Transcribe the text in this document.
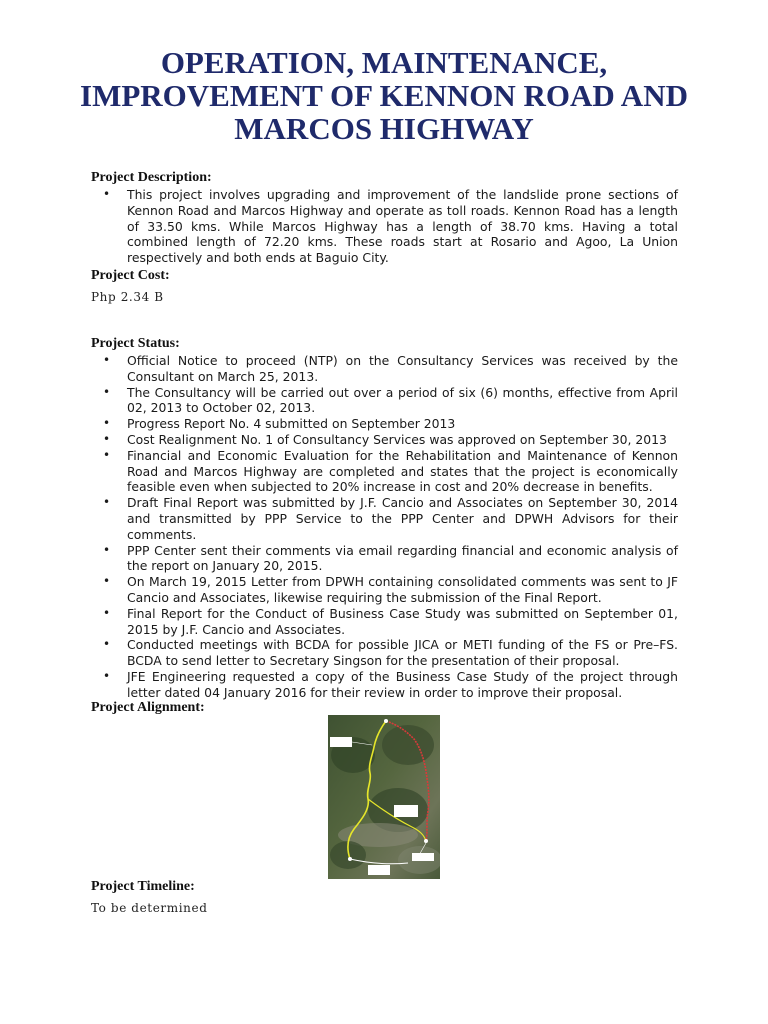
OPERATION, MAINTENANCE, IMPROVEMENT OF KENNON ROAD AND MARCOS HIGHWAY

Project Description:

• This project involves upgrading and improvement of the landslide prone sections of Kennon Road and Marcos Highway and operate as toll roads. Kennon Road has a length of 33.50 kms. While Marcos Highway has a length of 38.70 kms. Having a total combined length of 72.20 kms. These roads start at Rosario and Agoo, La Union respectively and both ends at Baguio City.

Project Cost:

Php 2.34 B

Project Status:

• Official Notice to proceed (NTP) on the Consultancy Services was received by the Consultant on March 25, 2013.
• The Consultancy will be carried out over a period of six (6) months, effective from April 02, 2013 to October 02, 2013.
• Progress Report No. 4 submitted on September 2013
• Cost Realignment No. 1 of Consultancy Services was approved on September 30, 2013
• Financial and Economic Evaluation for the Rehabilitation and Maintenance of Kennon Road and Marcos Highway are completed and states that the project is economically feasible even when subjected to 20% increase in cost and 20% decrease in benefits.
• Draft Final Report was submitted by J.F. Cancio and Associates on September 30, 2014 and transmitted by PPP Service to the PPP Center and DPWH Advisors for their comments.
• PPP Center sent their comments via email regarding financial and economic analysis of the report on January 20, 2015.
• On March 19, 2015 Letter from DPWH containing consolidated comments was sent to JF Cancio and Associates, likewise requiring the submission of the Final Report.
• Final Report for the Conduct of Business Case Study was submitted on September 01, 2015 by J.F. Cancio and Associates.
• Conducted meetings with BCDA for possible JICA or METI funding of the FS or Pre–FS. BCDA to send letter to Secretary Singson for the presentation of their proposal.
• JFE Engineering requested a copy of the Business Case Study of the project through letter dated 04 January 2016 for their review in order to improve their proposal.

Project Alignment:

Project Timeline:

To be determined
